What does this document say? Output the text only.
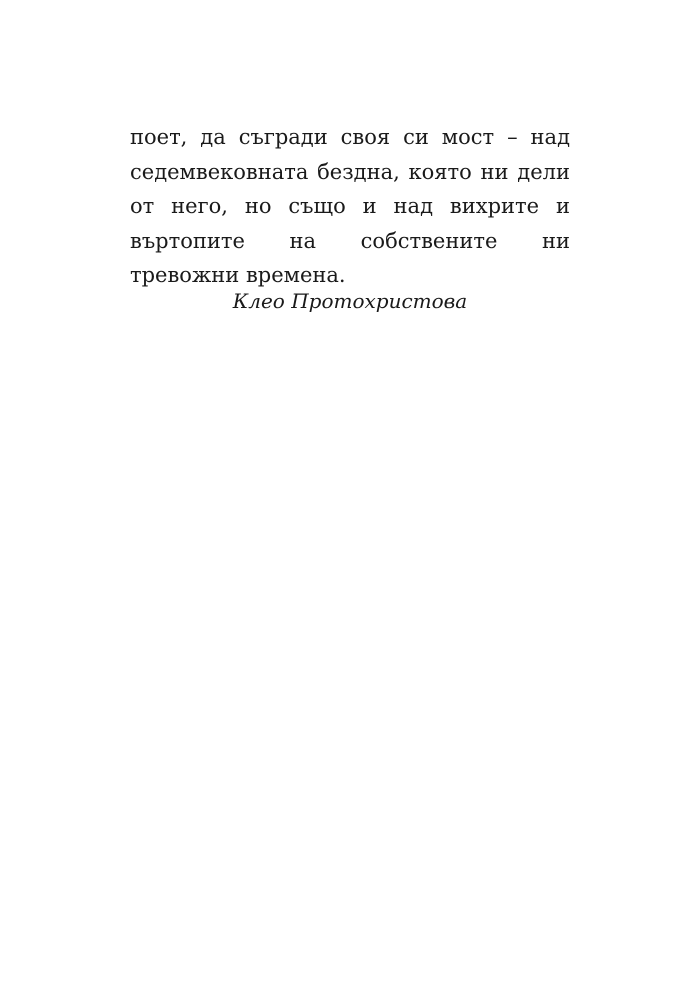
поет, да съгради своя си мост – над
седемвековната бездна, която ни дели
от него, но също и над вихрите и
въртопите на собствените ни
тревожни времена.
Клео Протохристова
